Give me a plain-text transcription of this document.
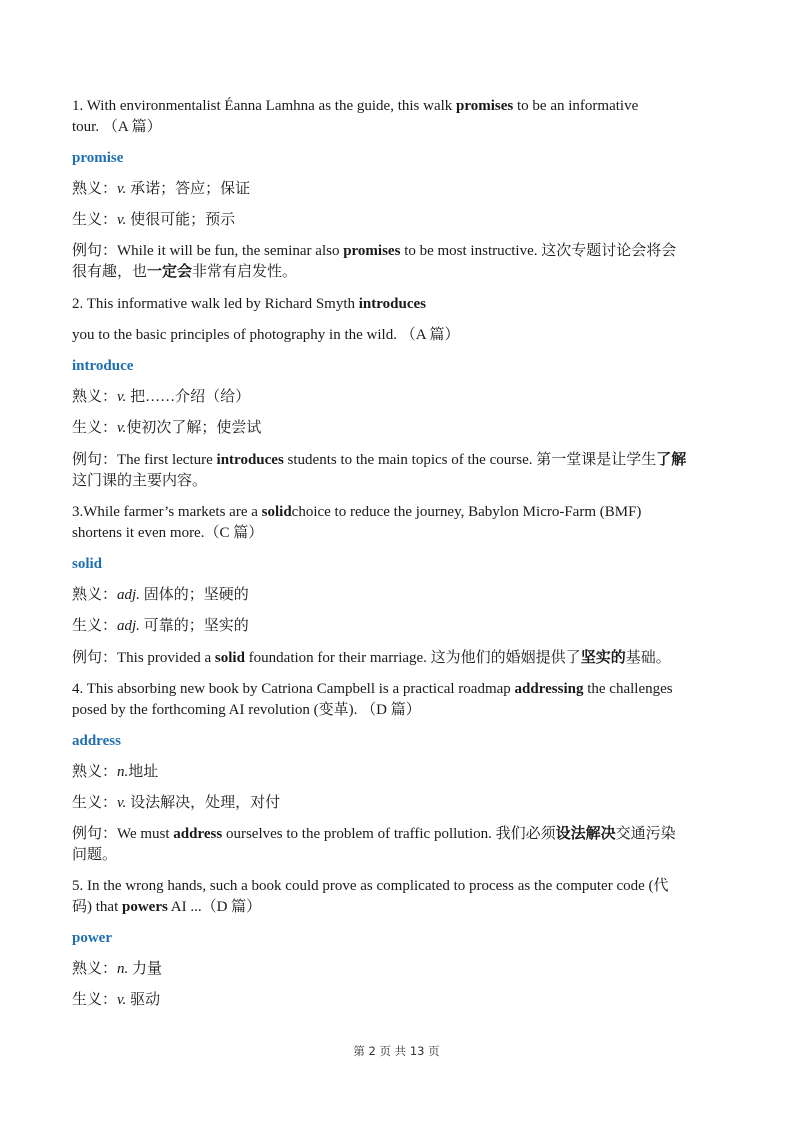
1. With environmentalist Éanna Lamhna as the guide, this walk promises to be an informative
tour. （A 篇）
promise
熟义：v. 承诺；答应；保证
生义：v. 使很可能；预示
例句：While it will be fun, the seminar also promises to be most instructive. 这次专题讨论会将会
很有趣，也一定会非常有启发性。
2. This informative walk led by Richard Smyth introduces
you to the basic principles of photography in the wild. （A 篇）
introduce
熟义：v. 把……介绍（给）
生义：v.使初次了解；使尝试
例句：The first lecture introduces students to the main topics of the course. 第一堂课是让学生了解
这门课的主要内容。
3.While farmer’s markets are a solidchoice to reduce the journey, Babylon Micro-Farm (BMF)
shortens it even more.（C 篇）
solid
熟义：adj. 固体的；坚硬的
生义：adj. 可靠的；坚实的
例句：This provided a solid foundation for their marriage. 这为他们的婚姻提供了坚实的基础。
4. This absorbing new book by Catriona Campbell is a practical roadmap addressing the challenges
posed by the forthcoming AI revolution (变革). （D 篇）
address
熟义：n.地址
生义：v. 设法解决，处理，对付
例句：We must address ourselves to the problem of traffic pollution. 我们必须设法解决交通污染
问题。
5. In the wrong hands, such a book could prove as complicated to process as the computer code (代
码) that powers AI ...（D 篇）
power
熟义：n. 力量
生义：v. 驱动
第 2 页 共 13 页
